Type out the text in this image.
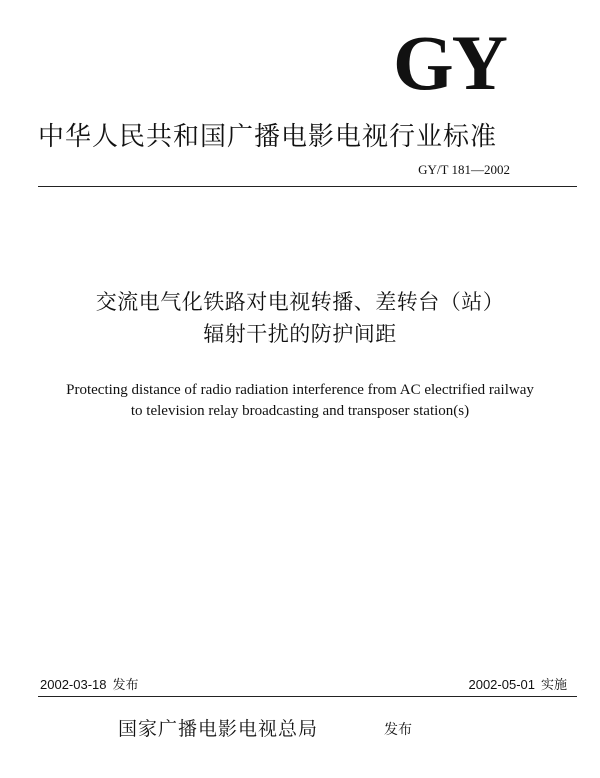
GY
中华人民共和国广播电影电视行业标准
GY/T 181—2002
交流电气化铁路对电视转播、差转台（站）
辐射干扰的防护间距
Protecting distance of radio radiation interference from AC electrified railway
to television relay broadcasting and transposer station(s)
2002-03-18 发布	2002-05-01 实施
国家广播电影电视总局	发布
